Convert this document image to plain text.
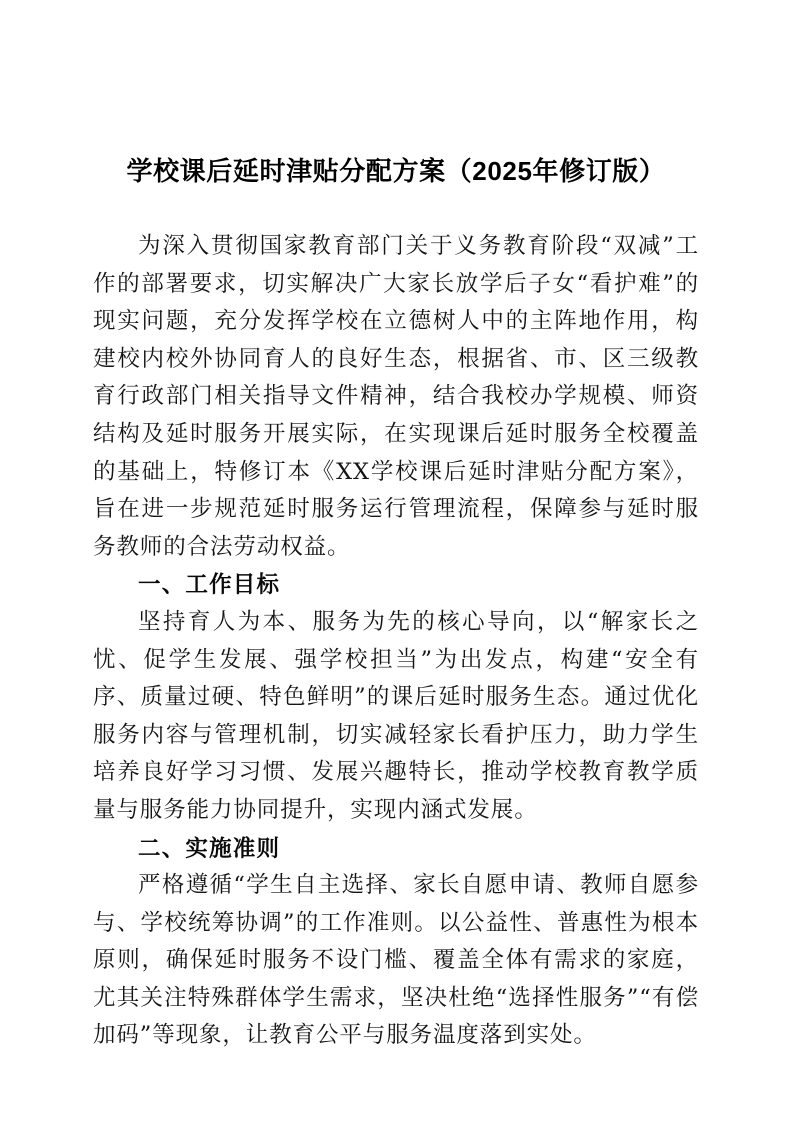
学校课后延时津贴分配方案（2025年修订版）

为深入贯彻国家教育部门关于义务教育阶段“双减”工作的部署要求，切实解决广大家长放学后子女“看护难”的现实问题，充分发挥学校在立德树人中的主阵地作用，构建校内校外协同育人的良好生态，根据省、市、区三级教育行政部门相关指导文件精神，结合我校办学规模、师资结构及延时服务开展实际，在实现课后延时服务全校覆盖的基础上，特修订本《XX学校课后延时津贴分配方案》，旨在进一步规范延时服务运行管理流程，保障参与延时服务教师的合法劳动权益。

一、工作目标

坚持育人为本、服务为先的核心导向，以“解家长之忧、促学生发展、强学校担当”为出发点，构建“安全有序、质量过硬、特色鲜明”的课后延时服务生态。通过优化服务内容与管理机制，切实减轻家长看护压力，助力学生培养良好学习习惯、发展兴趣特长，推动学校教育教学质量与服务能力协同提升，实现内涵式发展。

二、实施准则

严格遵循“学生自主选择、家长自愿申请、教师自愿参与、学校统筹协调”的工作准则。以公益性、普惠性为根本原则，确保延时服务不设门槛、覆盖全体有需求的家庭，尤其关注特殊群体学生需求，坚决杜绝“选择性服务”“有偿加码”等现象，让教育公平与服务温度落到实处。
